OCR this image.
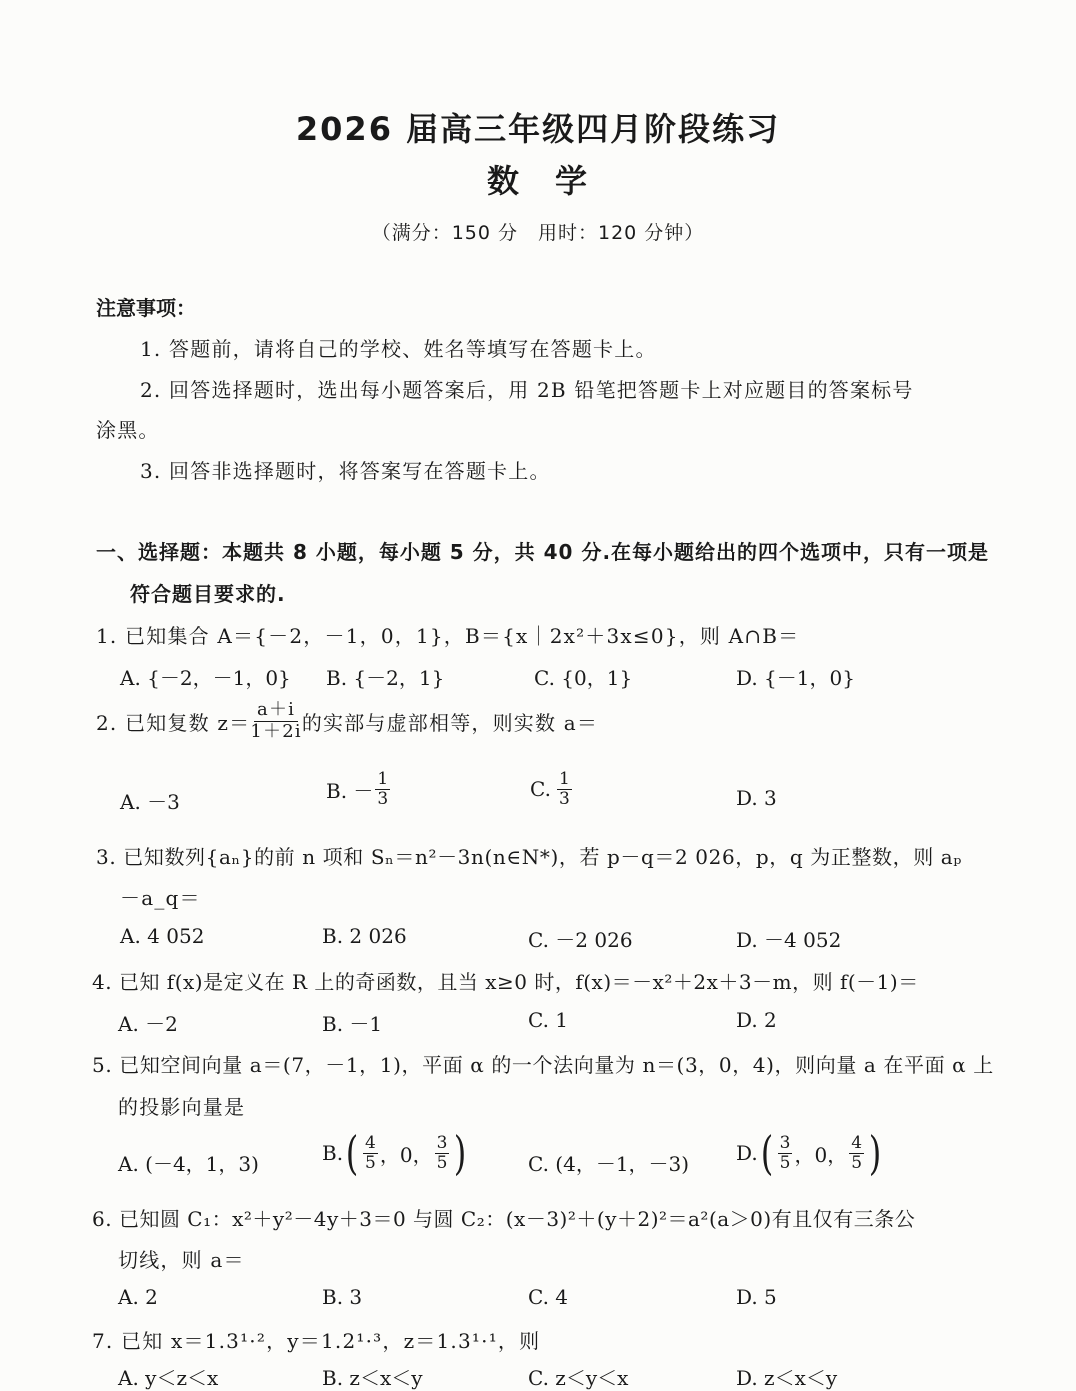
2026 届高三年级四月阶段练习
数　学
（满分：150 分　用时：120 分钟）
注意事项：
1. 答题前，请将自己的学校、姓名等填写在答题卡上。
2. 回答选择题时，选出每小题答案后，用 2B 铅笔把答题卡上对应题目的答案标号
涂黑。
3. 回答非选择题时，将答案写在答题卡上。
一、选择题：本题共 8 小题，每小题 5 分，共 40 分.在每小题给出的四个选项中，只有一项是
符合题目要求的.
1. 已知集合 A＝{－2，－1，0，1}，B＝{x｜2x²＋3x≤0}，则 A∩B＝
A. {－2，－1，0} B. {－2，1}	C. {0，1}	D. {－1，0}
2. 已知复数 $z= \frac{a+i}{1+2i}$ 的实部与虚部相等，则实数 a＝
A. －3	B. － $\frac{1}{3}$	C. $\frac{1}{3}$	D. 3
3. 已知数列{aₙ}的前 n 项和 Sₙ＝n²－3n(n∈N*)，若 p－q＝2 026，p，q 为正整数，则 aₚ
－a_q＝
A. 4 052	B. 2 026	C. －2 026	D. －4 052
4. 已知 f(x)是定义在 R 上的奇函数，且当 x≥0 时，f(x)＝－x²＋2x＋3－m，则 f(－1)＝
A. －2	B. －1	C. 1	D. 2
5. 已知空间向量 a＝(7，－1，1)，平面 α 的一个法向量为 n＝(3，0，4)，则向量 a 在平面 α 上
的投影向量是
A. (－4，1，3)	B. ( $\frac{4}{5}$ ，0， $\frac{3}{5}$ )	C. (4，－1，－3) D. ( $\frac{3}{5}$ ，0， $\frac{4}{5}$ )
6. 已知圆 C₁：x²＋y²－4y＋3＝0 与圆 C₂：(x－3)²＋(y＋2)²＝a²(a＞0)有且仅有三条公
切线，则 a＝
A. 2	B. 3	C. 4	D. 5
7. 已知 x＝1.3¹·²，y＝1.2¹·³，z＝1.3¹·¹，则
A. y＜z＜x	B. z＜x＜y	C. z＜y＜x	D. z＜x＜y
